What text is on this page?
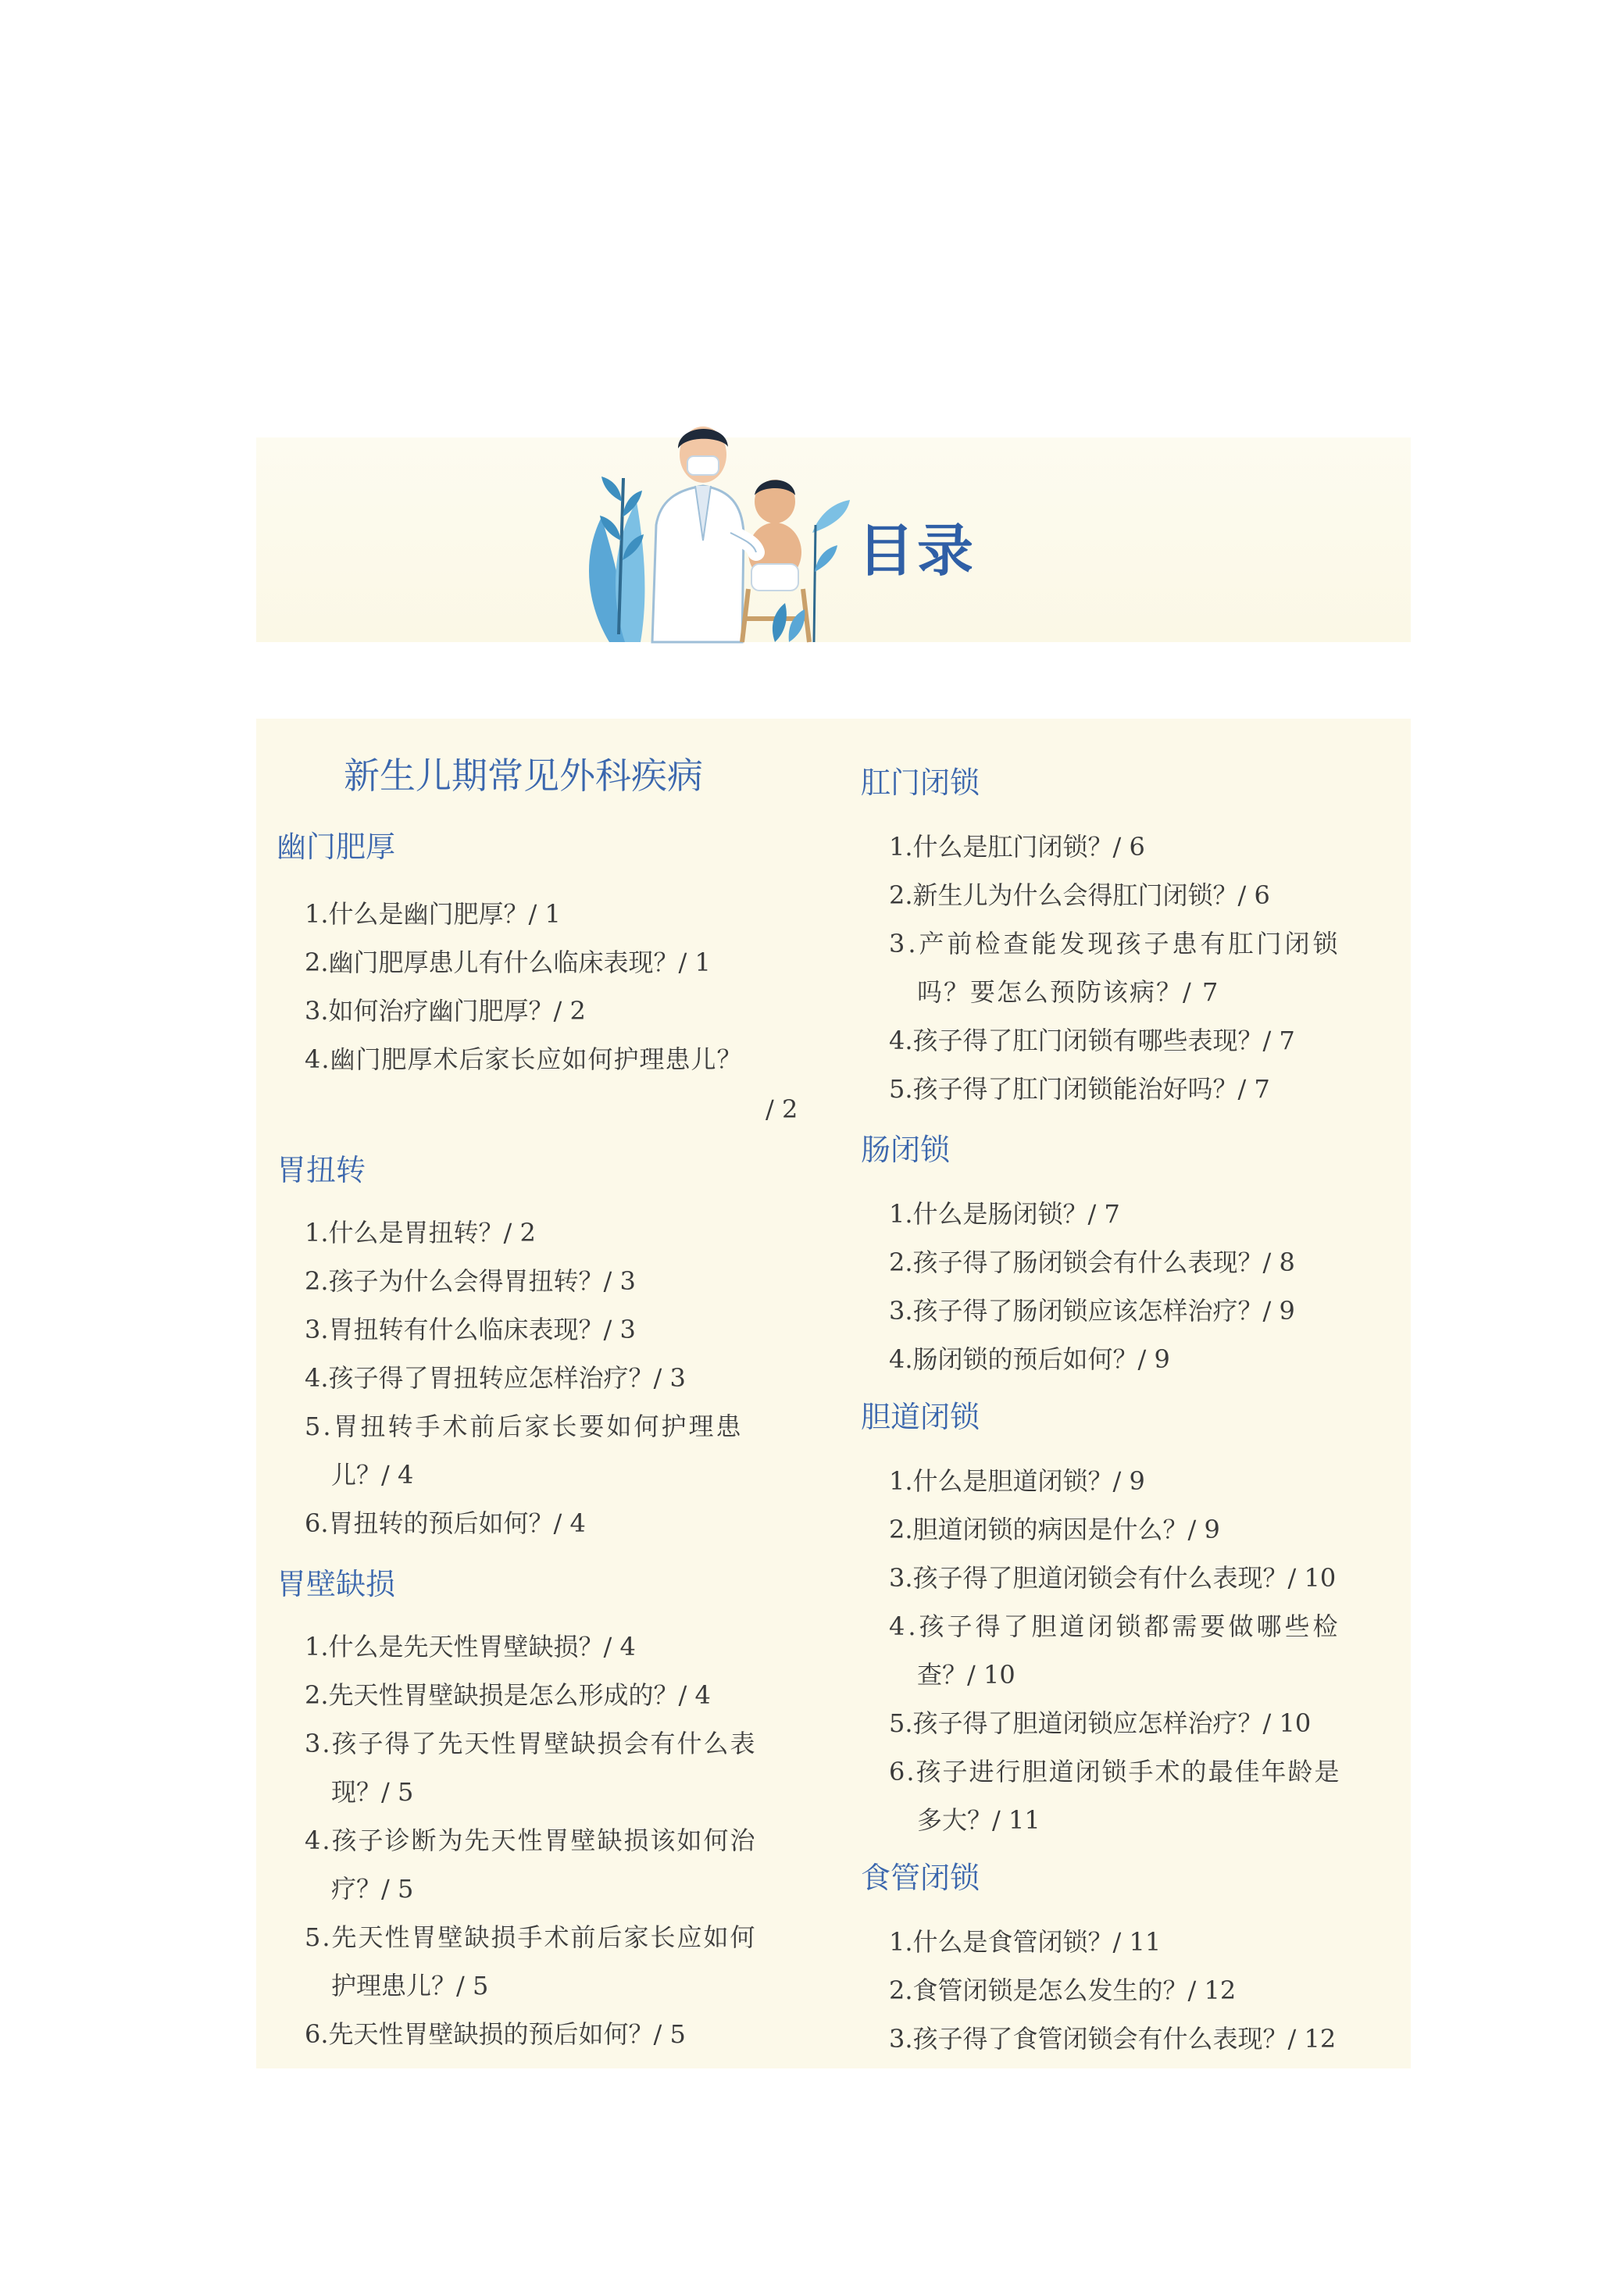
目录
新生儿期常见外科疾病
幽门肥厚
1.什么是幽门肥厚？/ 1
2.幽门肥厚患儿有什么临床表现？/ 1
3.如何治疗幽门肥厚？/ 2
4.幽门肥厚术后家长应如何护理患儿？
/ 2
胃扭转
1.什么是胃扭转？/ 2
2.孩子为什么会得胃扭转？/ 3
3.胃扭转有什么临床表现？/ 3
4.孩子得了胃扭转应怎样治疗？/ 3
5.胃扭转手术前后家长要如何护理患
儿？/ 4
6.胃扭转的预后如何？/ 4
胃壁缺损
1.什么是先天性胃壁缺损？/ 4
2.先天性胃壁缺损是怎么形成的？/ 4
3.孩子得了先天性胃壁缺损会有什么表
现？/ 5
4.孩子诊断为先天性胃壁缺损该如何治
疗？/ 5
5.先天性胃壁缺损手术前后家长应如何
护理患儿？/ 5
6.先天性胃壁缺损的预后如何？/ 5
肛门闭锁
1.什么是肛门闭锁？/ 6
2.新生儿为什么会得肛门闭锁？/ 6
3.产前检查能发现孩子患有肛门闭锁
吗？要怎么预防该病？/ 7
4.孩子得了肛门闭锁有哪些表现？/ 7
5.孩子得了肛门闭锁能治好吗？/ 7
肠闭锁
1.什么是肠闭锁？/ 7
2.孩子得了肠闭锁会有什么表现？/ 8
3.孩子得了肠闭锁应该怎样治疗？/ 9
4.肠闭锁的预后如何？/ 9
胆道闭锁
1.什么是胆道闭锁？/ 9
2.胆道闭锁的病因是什么？/ 9
3.孩子得了胆道闭锁会有什么表现？/ 10
4.孩子得了胆道闭锁都需要做哪些检
查？/ 10
5.孩子得了胆道闭锁应怎样治疗？/ 10
6.孩子进行胆道闭锁手术的最佳年龄是
多大？/ 11
食管闭锁
1.什么是食管闭锁？/ 11
2.食管闭锁是怎么发生的？/ 12
3.孩子得了食管闭锁会有什么表现？/ 12
